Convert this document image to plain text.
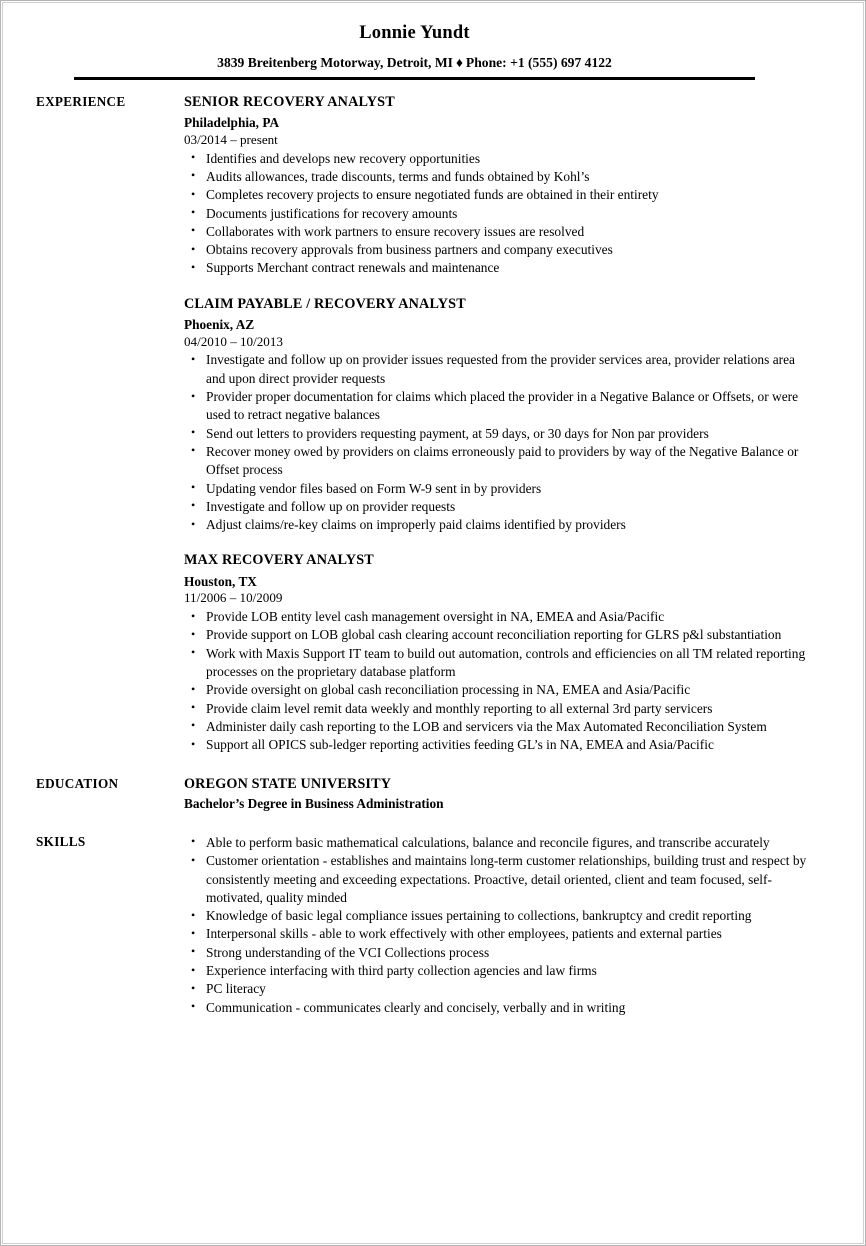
Lonnie Yundt
3839 Breitenberg Motorway, Detroit, MI ♦ Phone: +1 (555) 697 4122
EXPERIENCE	SENIOR RECOVERY ANALYST
Philadelphia, PA
03/2014 – present
• Identifies and develops new recovery opportunities
• Audits allowances, trade discounts, terms and funds obtained by Kohl’s
• Completes recovery projects to ensure negotiated funds are obtained in their entirety
• Documents justifications for recovery amounts
• Collaborates with work partners to ensure recovery issues are resolved
• Obtains recovery approvals from business partners and company executives
• Supports Merchant contract renewals and maintenance
CLAIM PAYABLE / RECOVERY ANALYST
Phoenix, AZ
04/2010 – 10/2013
• Investigate and follow up on provider issues requested from the provider services area, provider relations area and upon direct provider requests
• Provider proper documentation for claims which placed the provider in a Negative Balance or Offsets, or were used to retract negative balances
• Send out letters to providers requesting payment, at 59 days, or 30 days for Non par providers
• Recover money owed by providers on claims erroneously paid to providers by way of the Negative Balance or Offset process
• Updating vendor files based on Form W-9 sent in by providers
• Investigate and follow up on provider requests
• Adjust claims/re-key claims on improperly paid claims identified by providers
MAX RECOVERY ANALYST
Houston, TX
11/2006 – 10/2009
• Provide LOB entity level cash management oversight in NA, EMEA and Asia/Pacific
• Provide support on LOB global cash clearing account reconciliation reporting for GLRS p&l substantiation
• Work with Maxis Support IT team to build out automation, controls and efficiencies on all TM related reporting processes on the proprietary database platform
• Provide oversight on global cash reconciliation processing in NA, EMEA and Asia/Pacific
• Provide claim level remit data weekly and monthly reporting to all external 3rd party servicers
• Administer daily cash reporting to the LOB and servicers via the Max Automated Reconciliation System
• Support all OPICS sub-ledger reporting activities feeding GL’s in NA, EMEA and Asia/Pacific
EDUCATION	OREGON STATE UNIVERSITY
Bachelor’s Degree in Business Administration
SKILLS	• Able to perform basic mathematical calculations, balance and reconcile figures, and transcribe accurately
• Customer orientation - establishes and maintains long-term customer relationships, building trust and respect by consistently meeting and exceeding expectations. Proactive, detail oriented, client and team focused, self-motivated, quality minded
• Knowledge of basic legal compliance issues pertaining to collections, bankruptcy and credit reporting
• Interpersonal skills - able to work effectively with other employees, patients and external parties
• Strong understanding of the VCI Collections process
• Experience interfacing with third party collection agencies and law firms
• PC literacy
• Communication - communicates clearly and concisely, verbally and in writing
